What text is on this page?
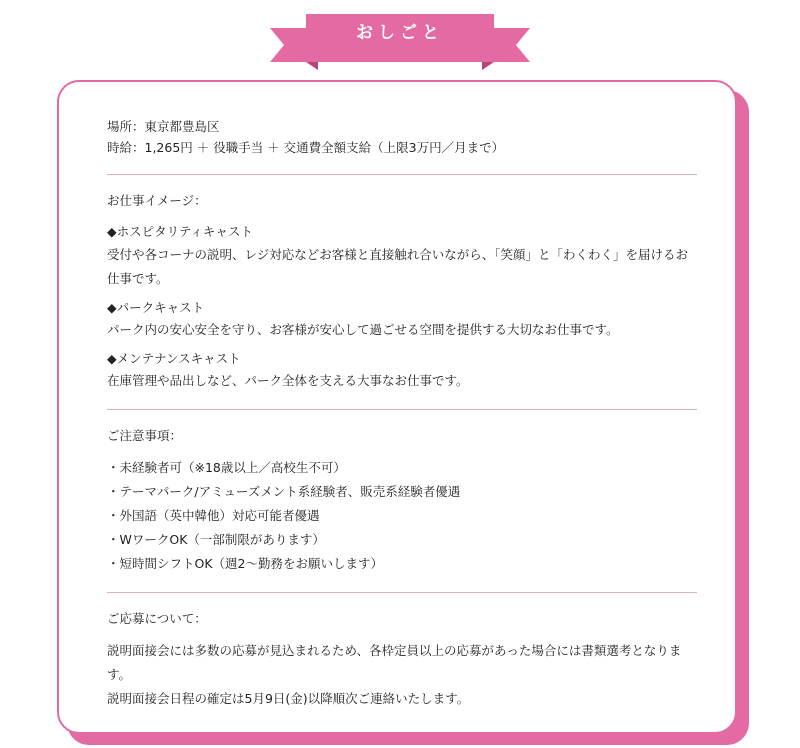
おしごと
場所：東京都豊島区
時給：1,265円 ＋ 役職手当 ＋ 交通費全額支給（上限3万円／月まで）
お仕事イメージ：
◆ホスピタリティキャスト
受付や各コーナの説明、レジ対応などお客様と直接触れ合いながら、「笑顔」と「わくわく」を届けるお仕事です。
◆パークキャスト
パーク内の安心安全を守り、お客様が安心して過ごせる空間を提供する大切なお仕事です。
◆メンテナンスキャスト
在庫管理や品出しなど、パーク全体を支える大事なお仕事です。
ご注意事項：
・未経験者可（※18歳以上／高校生不可）
・テーマパーク/アミューズメント系経験者、販売系経験者優遇
・外国語（英中韓他）対応可能者優遇
・WワークOK（一部制限があります）
・短時間シフトOK（週2〜勤務をお願いします）
ご応募について：
説明面接会には多数の応募が見込まれるため、各枠定員以上の応募があった場合には書類選考となります。
説明面接会日程の確定は5月9日(金)以降順次ご連絡いたします。
